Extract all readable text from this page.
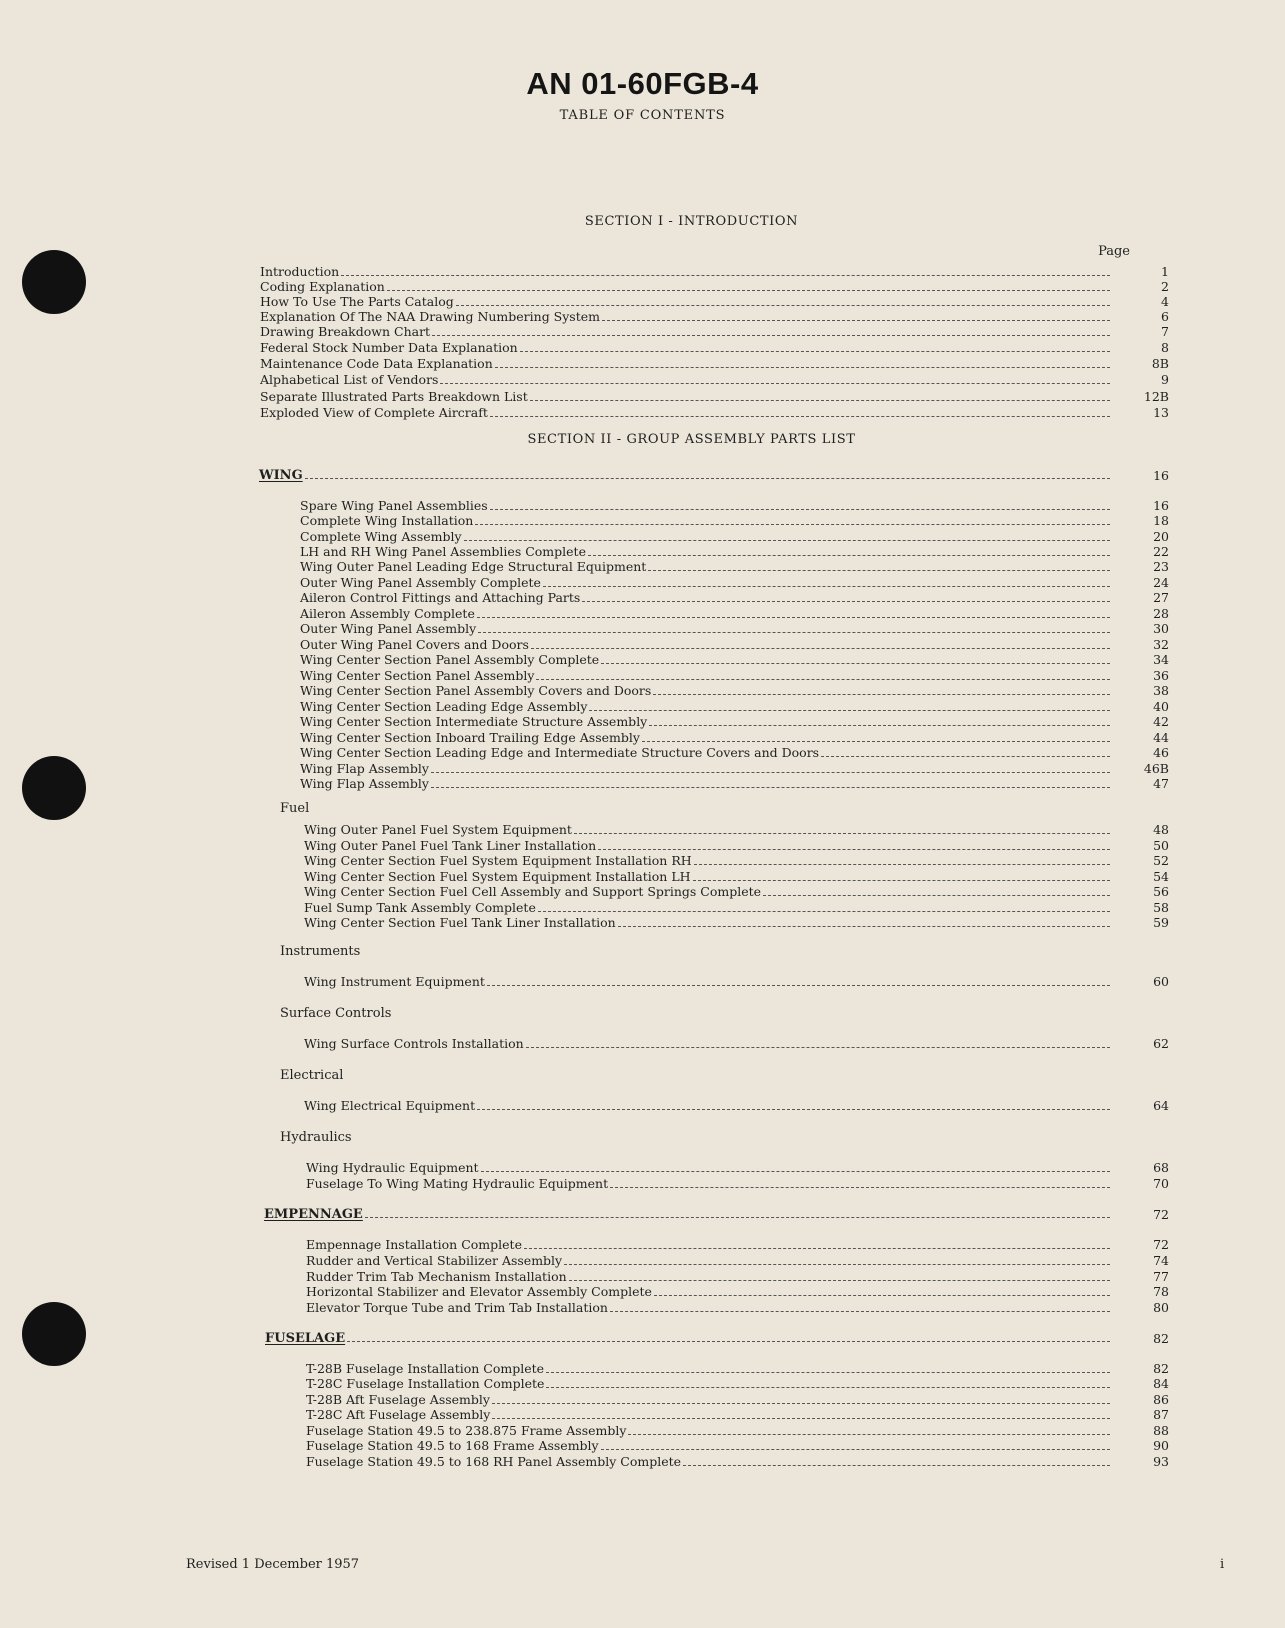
AN 01-60FGB-4
TABLE OF CONTENTS
SECTION I - INTRODUCTION
Page
Introduction	1
Coding Explanation	2
How To Use The Parts Catalog	4
Explanation Of The NAA Drawing Numbering System	6
Drawing Breakdown Chart	7
Federal Stock Number Data Explanation	8
Maintenance Code Data Explanation	8B
Alphabetical List of Vendors	9
Separate Illustrated Parts Breakdown List	12B
Exploded View of Complete Aircraft	13
SECTION II - GROUP ASSEMBLY PARTS LIST
WING	16
Spare Wing Panel Assemblies	16
Complete Wing Installation	18
Complete Wing Assembly	20
LH and RH Wing Panel Assemblies Complete	22
Wing Outer Panel Leading Edge Structural Equipment	23
Outer Wing Panel Assembly Complete	24
Aileron Control Fittings and Attaching Parts	27
Aileron Assembly Complete	28
Outer Wing Panel Assembly	30
Outer Wing Panel Covers and Doors	32
Wing Center Section Panel Assembly Complete	34
Wing Center Section Panel Assembly	36
Wing Center Section Panel Assembly Covers and Doors	38
Wing Center Section Leading Edge Assembly	40
Wing Center Section Intermediate Structure Assembly	42
Wing Center Section Inboard Trailing Edge Assembly	44
Wing Center Section Leading Edge and Intermediate Structure Covers and Doors	46
Wing Flap Assembly	46B
Wing Flap Assembly	47
Fuel
Wing Outer Panel Fuel System Equipment	48
Wing Outer Panel Fuel Tank Liner Installation	50
Wing Center Section Fuel System Equipment Installation RH	52
Wing Center Section Fuel System Equipment Installation LH	54
Wing Center Section Fuel Cell Assembly and Support Springs Complete	56
Fuel Sump Tank Assembly Complete	58
Wing Center Section Fuel Tank Liner Installation	59
Instruments
Wing Instrument Equipment	60
Surface Controls
Wing Surface Controls Installation	62
Electrical
Wing Electrical Equipment	64
Hydraulics
Wing Hydraulic Equipment	68
Fuselage To Wing Mating Hydraulic Equipment	70
EMPENNAGE	72
Empennage Installation Complete	72
Rudder and Vertical Stabilizer Assembly	74
Rudder Trim Tab Mechanism Installation	77
Horizontal Stabilizer and Elevator Assembly Complete	78
Elevator Torque Tube and Trim Tab Installation	80
FUSELAGE	82
T-28B Fuselage Installation Complete	82
T-28C Fuselage Installation Complete	84
T-28B Aft Fuselage Assembly	86
T-28C Aft Fuselage Assembly	87
Fuselage Station 49.5 to 238.875 Frame Assembly	88
Fuselage Station 49.5 to 168 Frame Assembly	90
Fuselage Station 49.5 to 168 RH Panel Assembly Complete	93
Revised 1 December 1957	i
